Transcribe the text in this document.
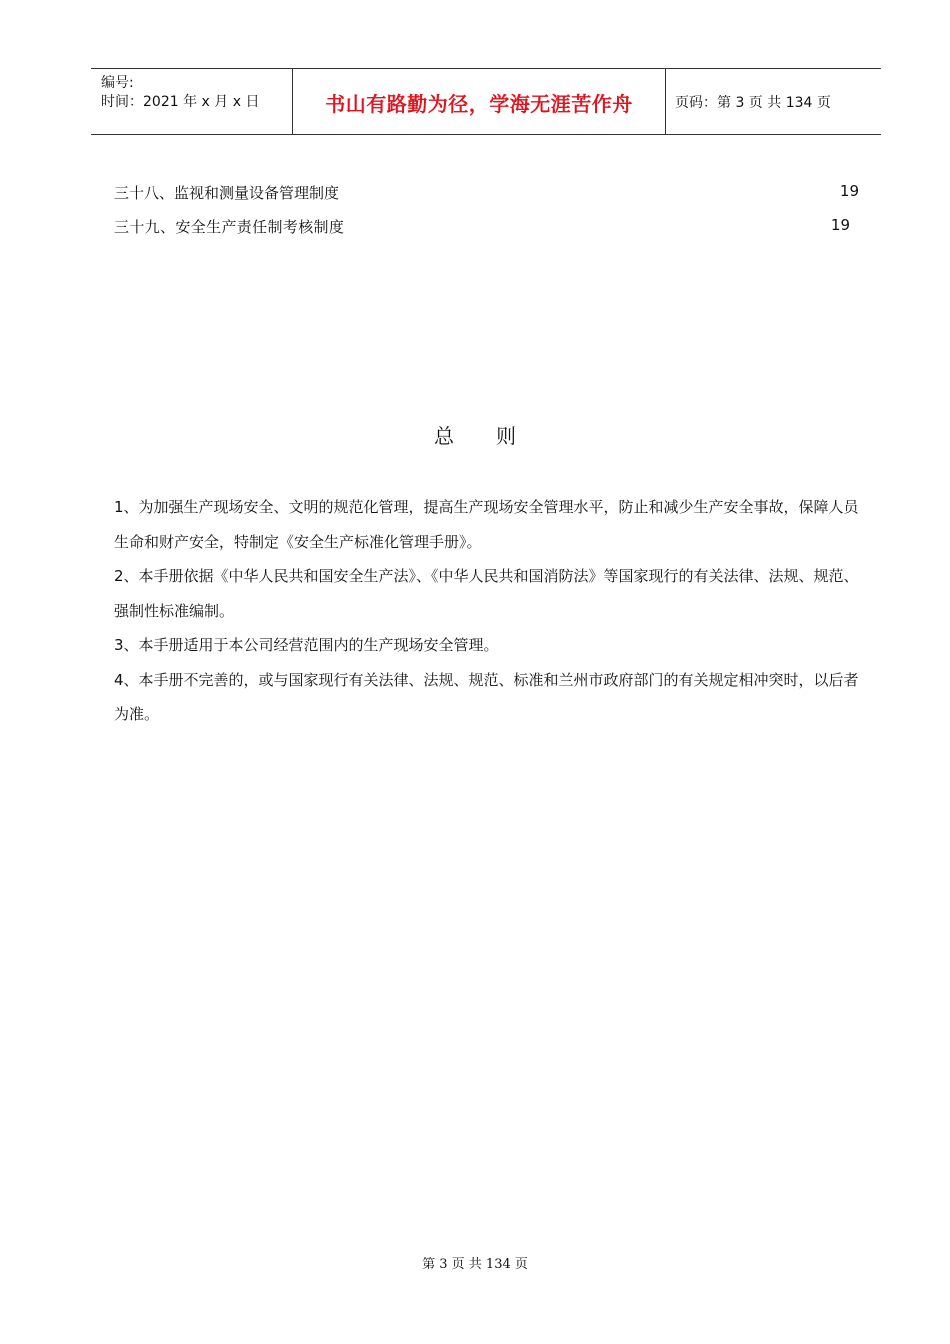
编号:
时间：2021 年 x 月 x 日	书山有路勤为径，学海无涯苦作舟	页码：第 3 页 共 134 页
三十八、监视和测量设备管理制度	19
三十九、安全生产责任制考核制度	19
总则

1、为加强生产现场安全、文明的规范化管理，提高生产现场安全管理水平，防止和减少生产安全事故，保障人员生命和财产安全，特制定《安全生产标准化管理手册》。

2、本手册依据《中华人民共和国安全生产法》、《中华人民共和国消防法》等国家现行的有关法律、法规、规范、强制性标准编制。

3、本手册适用于本公司经营范围内的生产现场安全管理。

4、本手册不完善的，或与国家现行有关法律、法规、规范、标准和兰州市政府部门的有关规定相冲突时，以后者为准。

第 3 页 共 134 页
